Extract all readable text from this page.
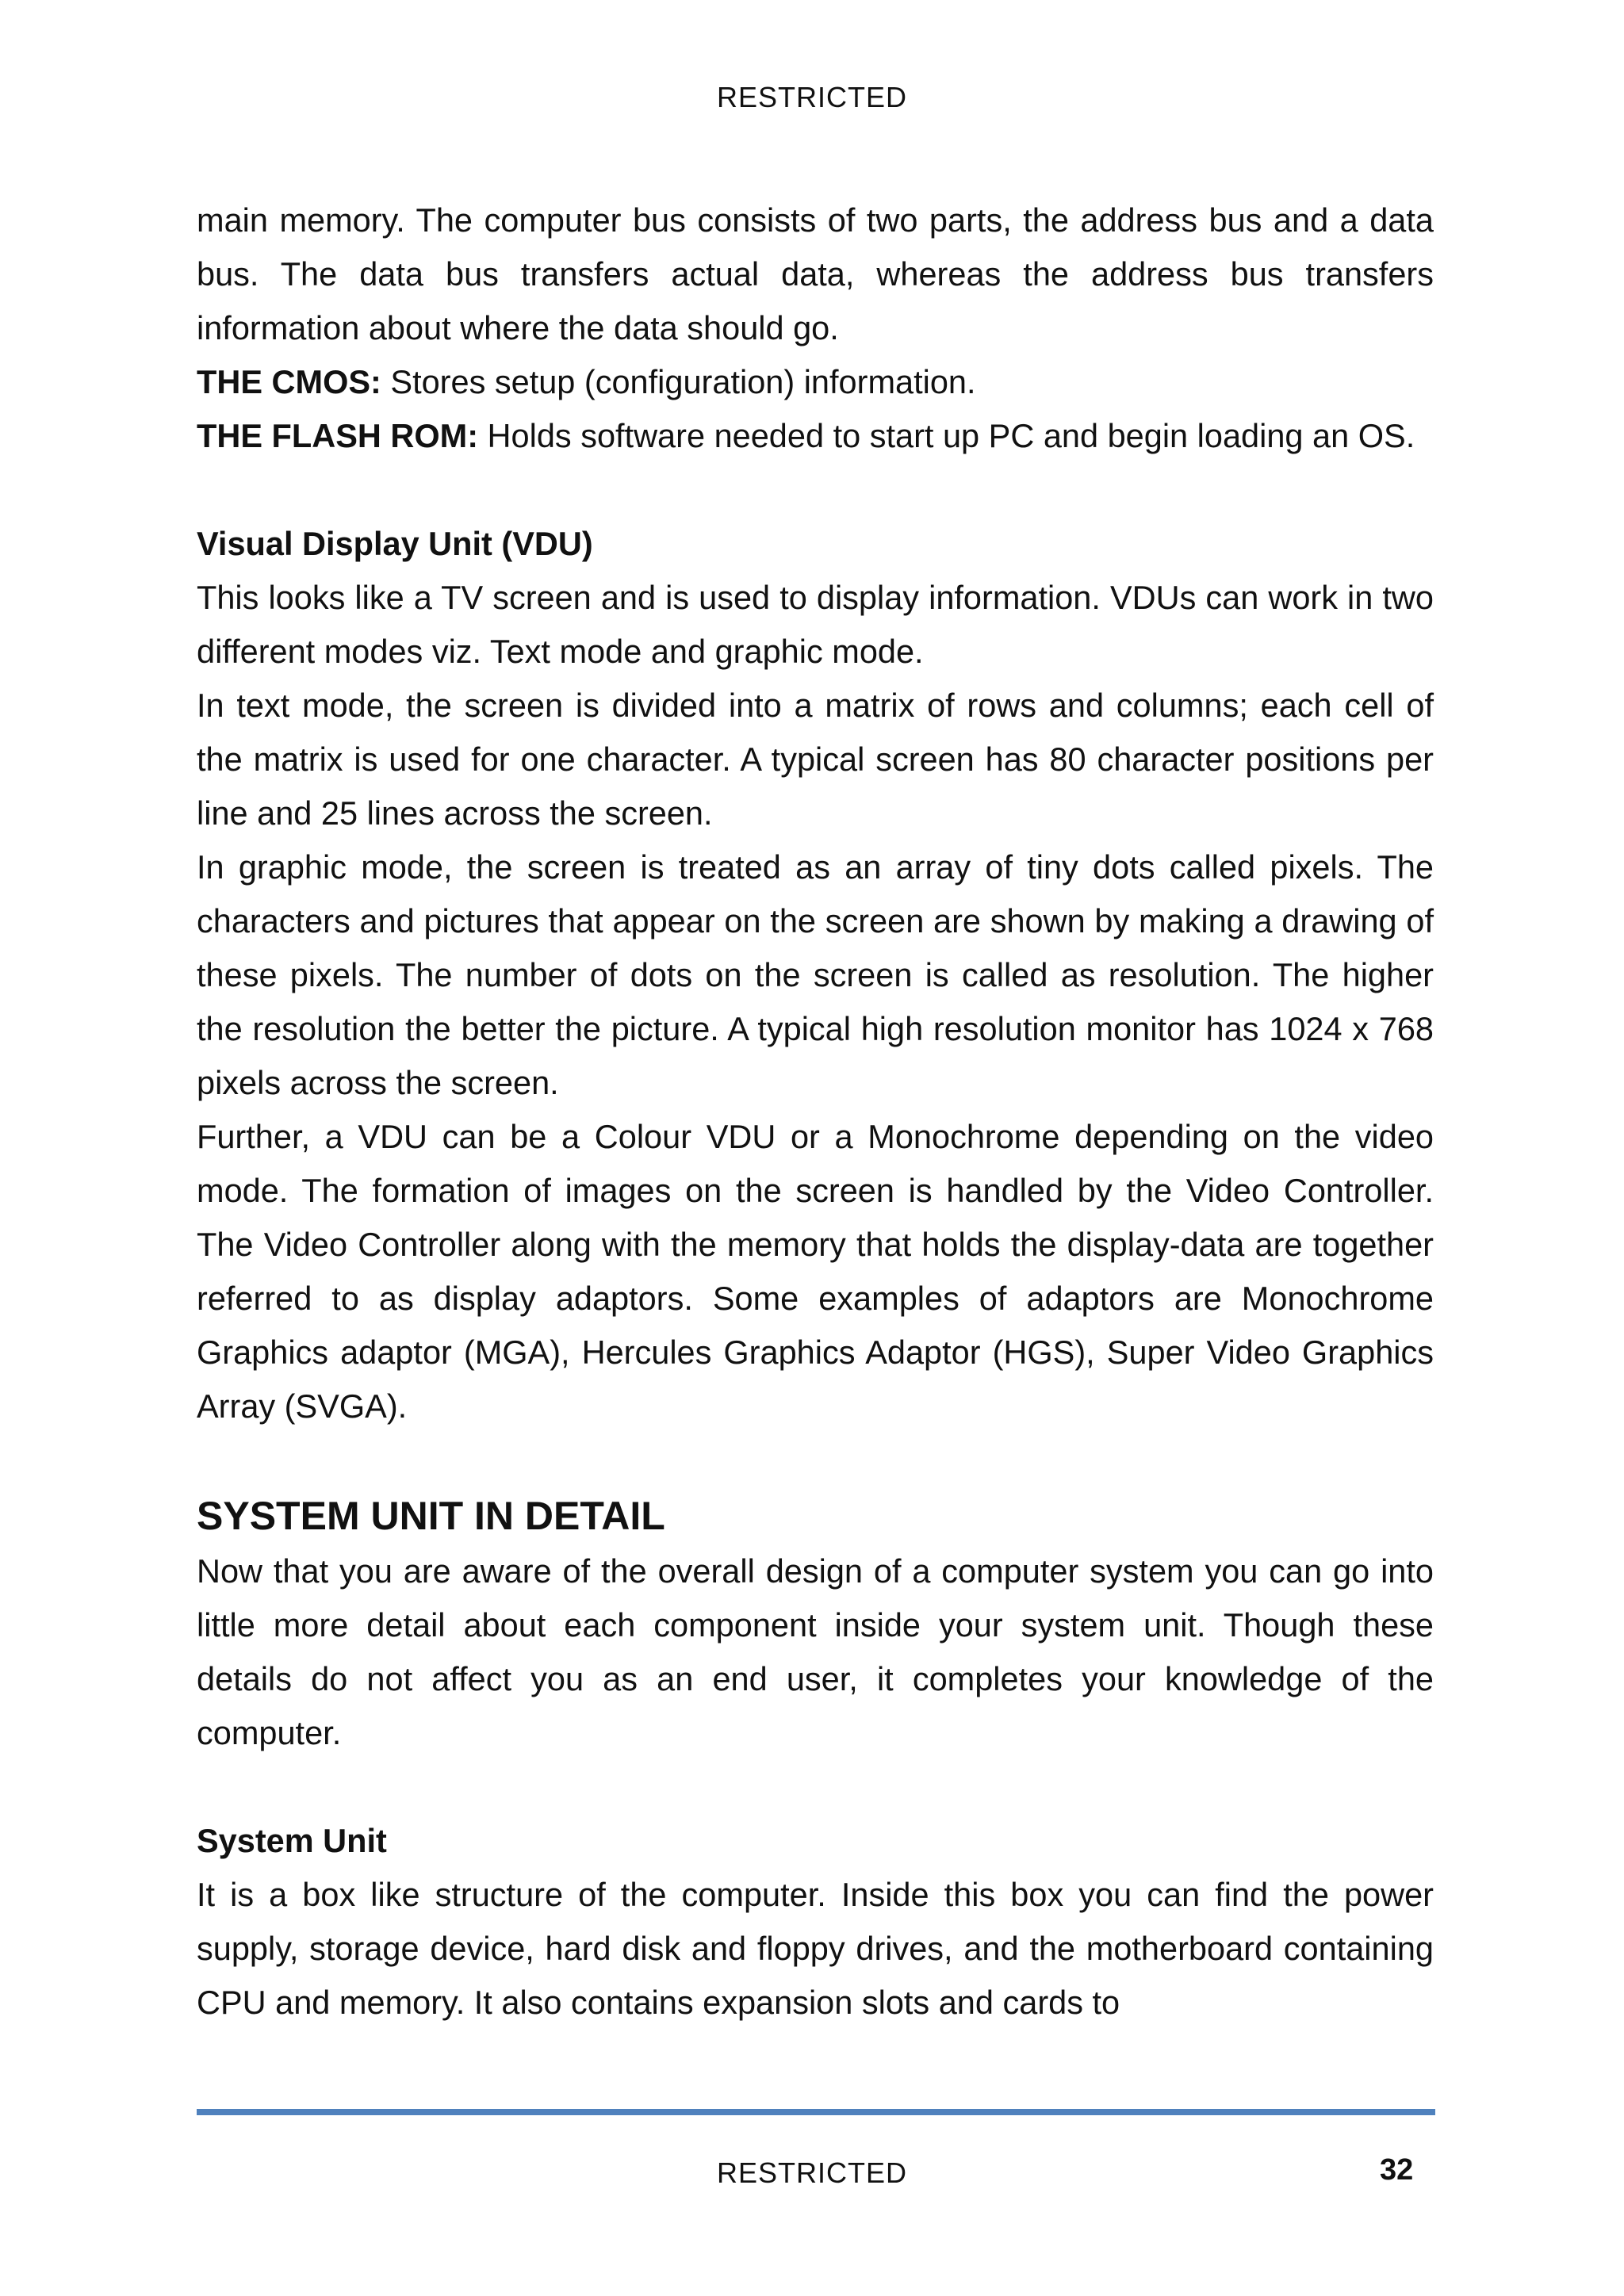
RESTRICTED

main memory. The computer bus consists of two parts, the address bus and a data bus. The data bus transfers actual data, whereas the address bus transfers information about where the data should go.

THE CMOS: Stores setup (configuration) information.

THE FLASH ROM: Holds software needed to start up PC and begin loading an OS.

Visual Display Unit (VDU)

This looks like a TV screen and is used to display information. VDUs can work in two different modes viz. Text mode and graphic mode.

In text mode, the screen is divided into a matrix of rows and columns; each cell of the matrix is used for one character. A typical screen has 80 character positions per line and 25 lines across the screen.

In graphic mode, the screen is treated as an array of tiny dots called pixels. The characters and pictures that appear on the screen are shown by making a drawing of these pixels. The number of dots on the screen is called as resolution. The higher the resolution the better the picture. A typical high resolution monitor has 1024 x 768 pixels across the screen.

Further, a VDU can be a Colour VDU or a Monochrome depending on the video mode. The formation of images on the screen is handled by the Video Controller. The Video Controller along with the memory that holds the display-data are together referred to as display adaptors. Some examples of adaptors are Monochrome Graphics adaptor (MGA), Hercules Graphics Adaptor (HGS), Super Video Graphics Array (SVGA).

SYSTEM UNIT IN DETAIL

Now that you are aware of the overall design of a computer system you can go into little more detail about each component inside your system unit. Though these details do not affect you as an end user, it completes your knowledge of the computer.

System Unit

It is a box like structure of the computer. Inside this box you can find the power supply, storage device, hard disk and floppy drives, and the motherboard containing CPU and memory. It also contains expansion slots and cards to

RESTRICTED	32
